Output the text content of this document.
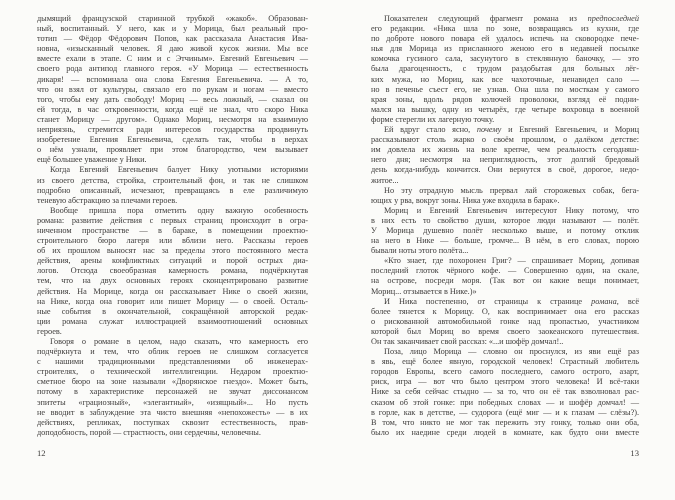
дымящий французской старинной трубкой «жакоб». Образован-
ный, воспитанный. У него, как и у Морица, был реальный про-
тотип — Фёдор Фёдорович Попов, как рассказала Анастасия Ива-
новна, «изысканный человек. Я даю живой кусок жизни. Мы все
вместе ехали в этапе. С ним и с Этчиным». Евгений Евгеньевич —
своего рода антипод главного героя. «У Морица — естественность
дикаря! — вспоминала она слова Евгения Евгеньевича. — А то,
что он взял от культуры, связало его по рукам и ногам — вместо
того, чтобы ему дать свободу! Мориц — весь ложный, — сказал он
ей тогда, в час откровенности, когда ещё не знал, что скоро Ника
станет Морицу — другом». Однако Мориц, несмотря на взаимную
неприязнь, стремится ради интересов государства продвинуть
изобретение Евгения Евгеньевича, сделать так, чтобы в верхах
о нём узнали, проявляет при этом благородство, чем вызывает
ещё большее уважение у Ники.
Когда Евгений Евгеньевич балует Нику уютными историями
из своего детства, стройка, строительный фон, и так не слишком
подробно описанный, исчезают, превращаясь в еле различимую
теневую абстракцию за плечами героев.
Вообще пришла пора отметить одну важную особенность
романа: развитие действия с первых страниц происходит в огра-
ниченном пространстве — в бараке, в помещении проектно-
строительного бюро лагеря или вблизи него. Рассказы героев
об их прошлом выносят нас за пределы этого постоянного места
действия, арены конфликтных ситуаций и порой острых диа-
логов. Отсюда своеобразная камерность романа, подчёркнутая
тем, что на двух основных героях сконцентрировано развитие
действия. На Морице, когда он рассказывает Нике о своей жизни,
на Нике, когда она говорит или пишет Морицу — о своей. Осталь-
ные события в окончательной, сокращённой авторской редак-
ции романа служат иллюстрацией взаимоотношений основных
героев.
Говоря о романе в целом, надо сказать, что камерность его
подчёркнута и тем, что облик героев не слишком согласуется
с нашими традиционными представлениями об инженерах-
строителях, о технической интеллигенции. Недаром проектно-
сметное бюро на зоне называли «Дворянское гнездо». Может быть,
потому в характеристике персонажей не звучат диссонансом
эпитеты «грациозный», «элегантный», «изящный»... Но пусть
не вводит в заблуждение эта чисто внешняя «непохожесть» — в их
действиях, репликах, поступках сквозит естественность, прав-
доподобность, порой — страстность, они сердечны, человечны.
Показателен следующий фрагмент романа из предпоследней
его редакции. «Ника шла по зоне, возвращаясь из кухни, где
по доброте нового повара ей удалось испечь на сковородке пече-
нья для Морица из присланного женою его в недавней посылке
комочка гусиного сала, засунутого в стеклянную баночку, — это
была драгоценность, с трудом раздобытая для больных лёг-
ких мужа, но Мориц, как все чахоточные, ненавидел сало —
но в печенье съест его, не узнав. Она шла по мосткам у самого
края зоны, вдоль рядов колючей проволоки, взгляд её подни-
мался на вышку, одну из четырёх, где четыре вохровца в военной
форме стерегли их лагерную точку.
Ей вдруг стало ясно, почему и Евгений Евгеньевич, и Мориц
рассказывают столь жарко о своём прошлом, о далёком детстве:
им довлела их жизнь на воле крепче, чем реальность сегодняш-
него дня; несмотря на неприглядность, этот долгий бредовый
день когда-нибудь кончится. Они вернутся в своё, дорогое, недо-
житое...
Но эту отрадную мысль прервал лай сторожевых собак, бега-
ющих у рва, вокруг зоны. Ника уже входила в барак».
Мориц и Евгений Евгеньевич интересуют Нику потому, что
в них есть то свойство души, которое люди называют — полёт.
У Морица душевно полёт несколько выше, и потому отклик
на него в Нике — больше, громче... В нём, в его словах, порою
бывали ноты этого полёта...
«Кто знает, где похоронен Григ? — спрашивает Мориц, допивая
последний глоток чёрного кофе. — Совершенно один, на скале,
на острове, посреди моря. (Так вот он какие вещи понимает,
Мориц... отзывается в Нике.)»
И Ника постепенно, от страницы к странице романа, всё
более тянется к Морицу. О, как воспринимает она его рассказ
о рискованной автомобильной гонке над пропастью, участником
которой был Мориц во время своего заокеанского путешествия.
Он так заканчивает свой рассказ: «...и шофёр домчал!..
Поза, лицо Морица — словно он проснулся, из яви ещё раз
в явь, ещё более явную, городской человек! Страстный любитель
городов Европы, всего самого последнего, самого острого, азарт,
риск, игра — вот что было центром этого человека! И всё-таки
Нике за себя сейчас стыдно — за то, что он её так взволновал рас-
сказом об этой гонке: при победных словах — и шофёр домчал! —
в горле, как в детстве, — судорога (ещё миг — и к глазам — слёзы?).
В том, что никто не мог так пережить эту гонку, только они оба,
было их наедине среди людей в комнате, как будто они вместе
12	13
